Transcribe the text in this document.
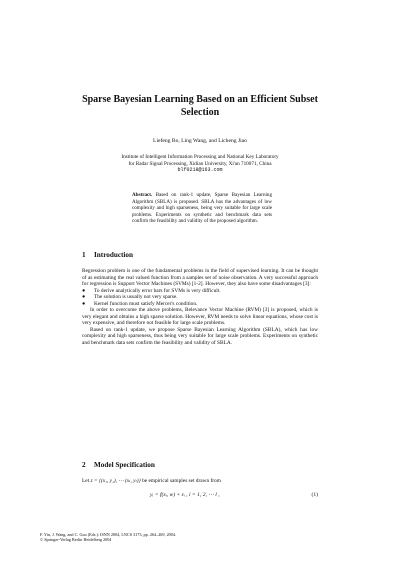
Sparse Bayesian Learning Based on an Efficient Subset
Selection
Liefeng Bo, Ling Wang, and Licheng Jiao
Institute of Intelligent Information Processing and National Key Laboratory
for Radar Signal Processing, Xidian University, Xi'an 710071, China
blf0218@163.com
Abstract. Based on rank-1 update, Sparse Bayesian Learning Algorithm (SBLA) is proposed. SBLA has the advantages of low complexity and high sparseness, being very suitable for large scale problems. Experiments on synthetic and benchmark data sets confirm the feasibility and validity of the proposed algorithm.
1 Introduction

Regression problem is one of the fundamental problems in the field of supervised learning. It can be thought of as estimating the real valued function from a samples set of noise observation. A very successful approach for regression is Support Vector Machines (SVMs) [1-2]. However, they also have some disadvantages [3]:

● To derive analytically error bars for SVMs is very difficult.
● The solution is usually not very sparse.
● Kernel function must satisfy Mercer's condition.

In order to overcome the above problems, Relevance Vector Machine (RVM) [3] is proposed, which is very elegant and obtains a high sparse solution. However, RVM needs to solve linear equations, whose cost is very expensive, and therefore not feasible for large scale problems.

Based on rank-1 update, we propose Sparse Bayesian Learning Algorithm (SBLA), which has low complexity and high sparseness, thus being very suitable for large scale problems. Experiments on synthetic and benchmark data sets confirm the feasibility and validity of SBLA.

2 Model Specification
Let z = {(x₁, y₁), ⋯ (xₗ, yₗ)} be empirical samples set drawn from
yᵢ = f(xᵢ, w) + εᵢ , i = 1, 2, ⋯ l ,	(1)
F. Yin, J. Wang, and C. Guo (Eds.): ISNN 2004, LNCS 3173, pp. 264–269, 2004.
© Springer-Verlag Berlin Heidelberg 2004
